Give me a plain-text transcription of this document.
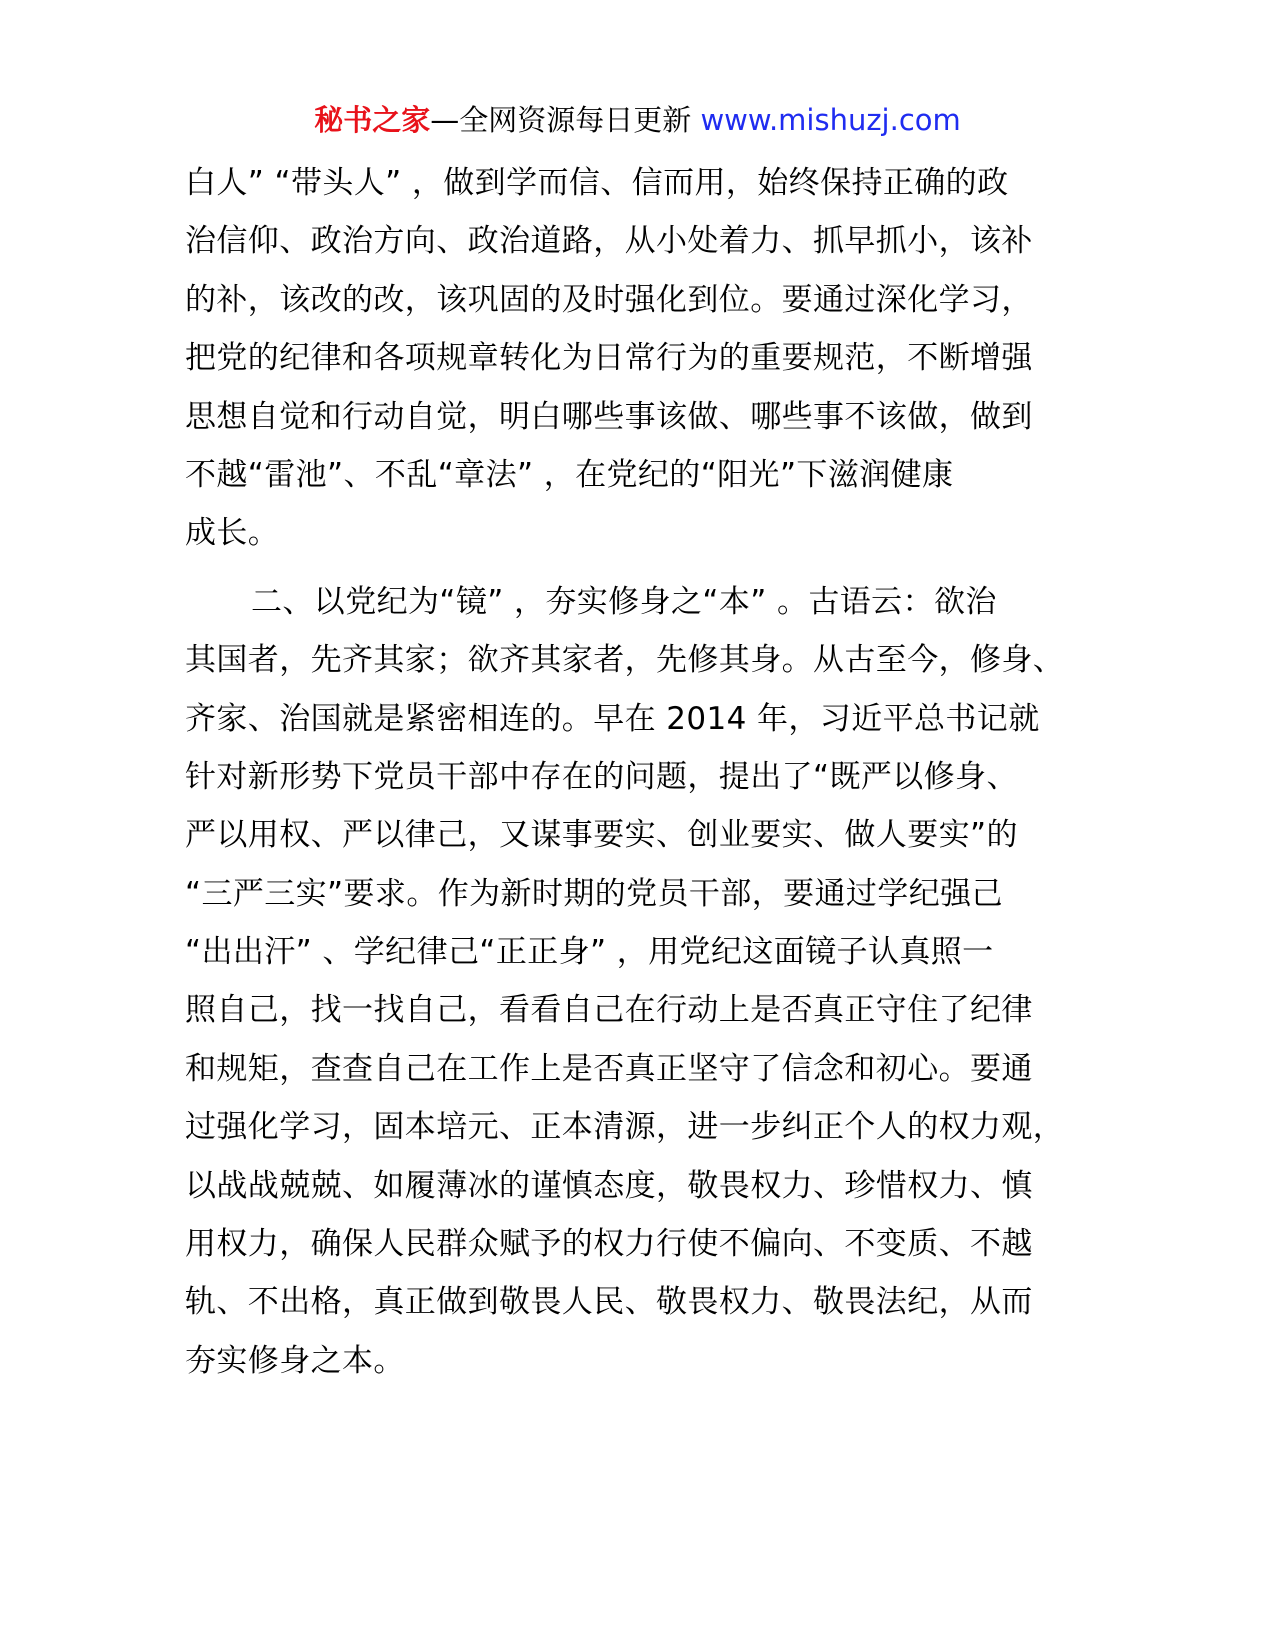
秘书之家—全网资源每日更新 www.mishuzj.com
白人” “带头人” ，做到学而信、信而用，始终保持正确的政
治信仰、政治方向、政治道路，从小处着力、抓早抓小，该补
的补，该改的改，该巩固的及时强化到位。要通过深化学习，
把党的纪律和各项规章转化为日常行为的重要规范，不断增强
思想自觉和行动自觉，明白哪些事该做、哪些事不该做，做到
不越“雷池”、不乱“章法” ，在党纪的“阳光”下滋润健康
成长。
二、以党纪为“镜” ，夯实修身之“本” 。古语云：欲治
其国者，先齐其家；欲齐其家者，先修其身。从古至今，修身、
齐家、治国就是紧密相连的。早在 2014 年，习近平总书记就
针对新形势下党员干部中存在的问题，提出了“既严以修身、
严以用权、严以律己，又谋事要实、创业要实、做人要实”的
“三严三实”要求。作为新时期的党员干部，要通过学纪强己
“出出汗” 、学纪律己“正正身” ，用党纪这面镜子认真照一
照自己，找一找自己，看看自己在行动上是否真正守住了纪律
和规矩，查查自己在工作上是否真正坚守了信念和初心。要通
过强化学习，固本培元、正本清源，进一步纠正个人的权力观，
以战战兢兢、如履薄冰的谨慎态度，敬畏权力、珍惜权力、慎
用权力，确保人民群众赋予的权力行使不偏向、不变质、不越
轨、不出格，真正做到敬畏人民、敬畏权力、敬畏法纪，从而
夯实修身之本。
